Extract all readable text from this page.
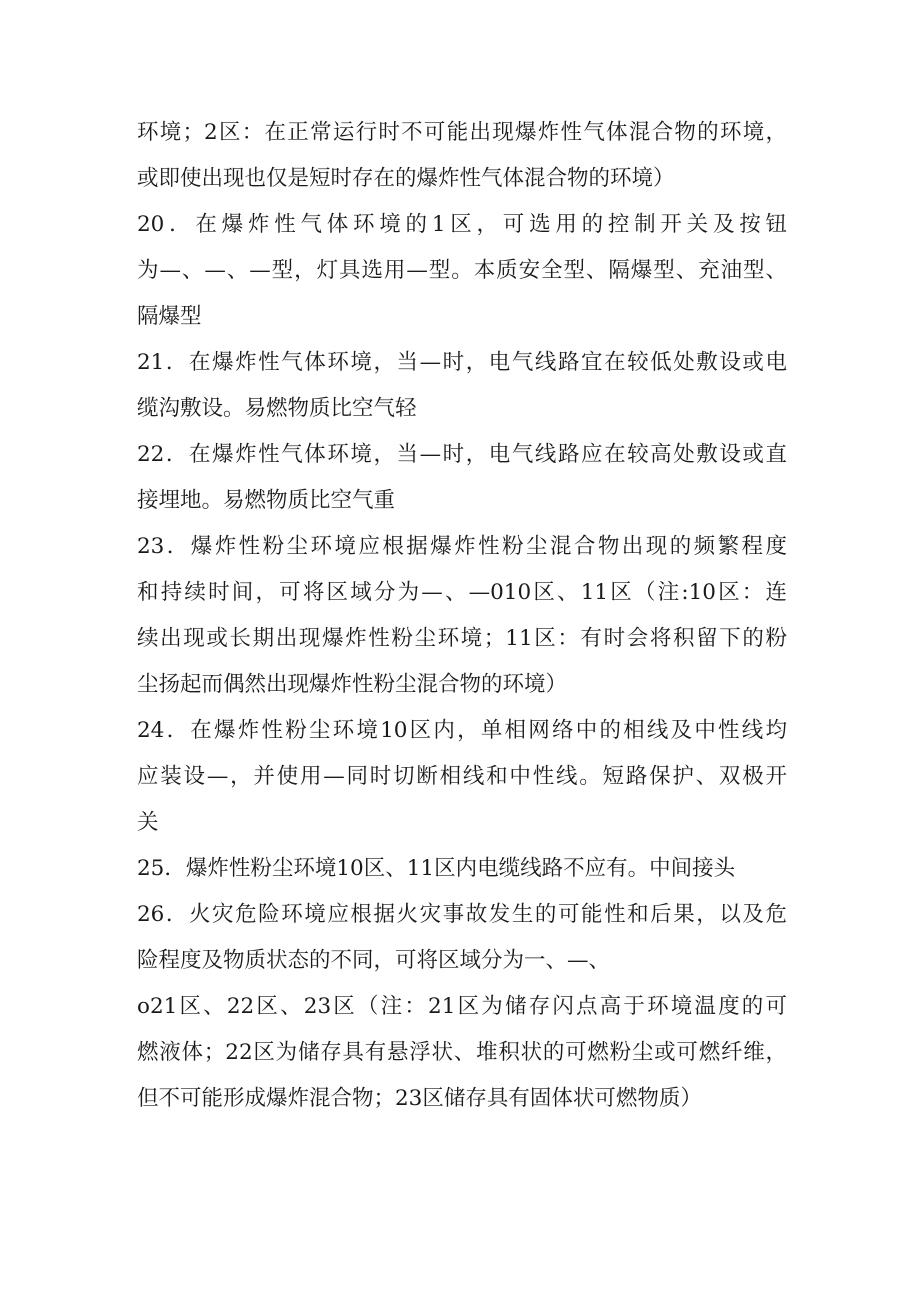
环境；2区：在正常运行时不可能出现爆炸性气体混合物的环境，
或即使出现也仅是短时存在的爆炸性气体混合物的环境）
20．在爆炸性气体环境的1区，可选用的控制开关及按钮
为—、—、—型，灯具选用—型。本质安全型、隔爆型、充油型、
隔爆型
21．在爆炸性气体环境，当—时，电气线路宜在较低处敷设或电
缆沟敷设。易燃物质比空气轻
22．在爆炸性气体环境，当—时，电气线路应在较高处敷设或直
接埋地。易燃物质比空气重
23．爆炸性粉尘环境应根据爆炸性粉尘混合物出现的频繁程度
和持续时间，可将区域分为—、—010区、11区（注:10区：连
续出现或长期出现爆炸性粉尘环境；11区：有时会将积留下的粉
尘扬起而偶然出现爆炸性粉尘混合物的环境）
24．在爆炸性粉尘环境10区内，单相网络中的相线及中性线均
应装设—，并使用—同时切断相线和中性线。短路保护、双极开
关
25．爆炸性粉尘环境10区、11区内电缆线路不应有。中间接头
26．火灾危险环境应根据火灾事故发生的可能性和后果，以及危
险程度及物质状态的不同，可将区域分为一、—、
o21区、22区、23区（注：21区为储存闪点高于环境温度的可
燃液体；22区为储存具有悬浮状、堆积状的可燃粉尘或可燃纤维，
但不可能形成爆炸混合物；23区储存具有固体状可燃物质）
